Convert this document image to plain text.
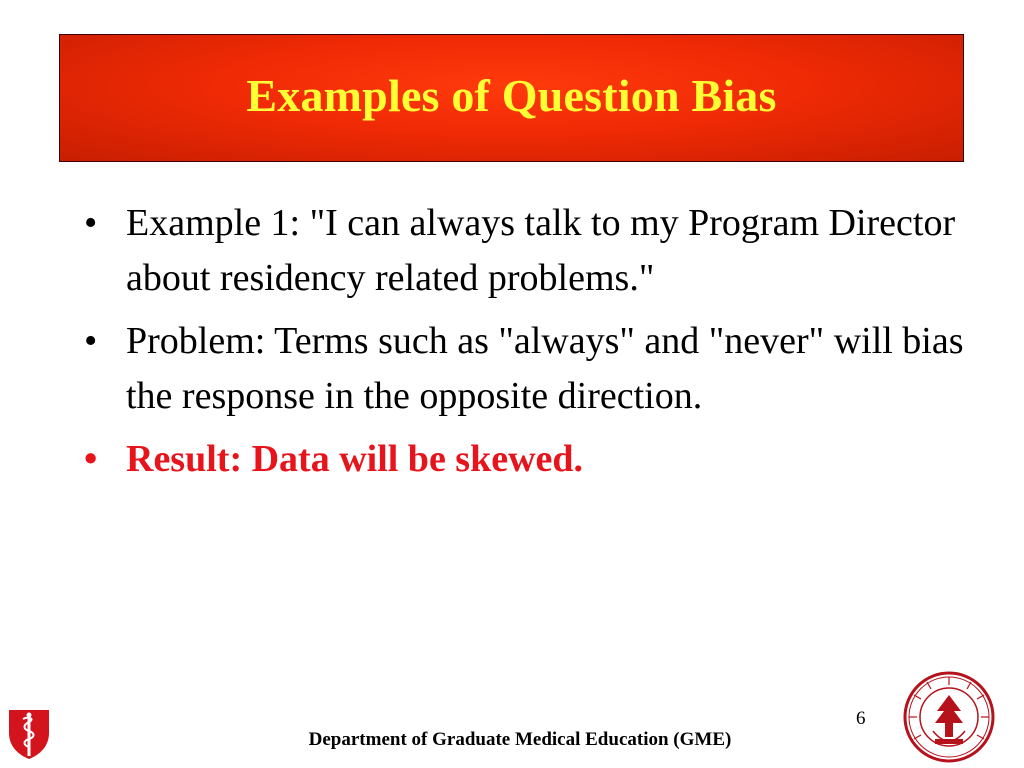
Examples of Question Bias
• Example 1: "I can always talk to my Program Director about residency related problems."
• Problem: Terms such as "always" and "never" will bias the response in the opposite direction.
• Result: Data will be skewed.
6
Department of Graduate Medical Education (GME)
